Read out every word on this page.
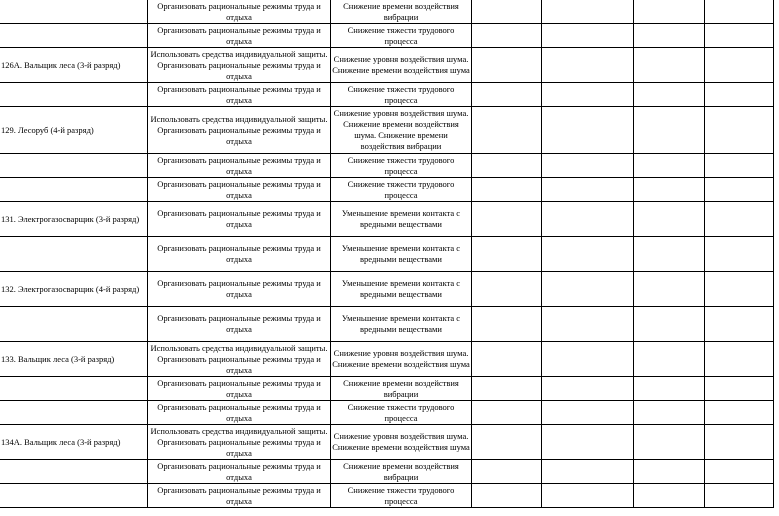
	Организовать рациональные режимы труда и отдыха	Снижение времени воздействия вибрации				
	Организовать рациональные режимы труда и отдыха	Снижение тяжести трудового процесса				
126А. Вальщик леса (3-й разряд)	Использовать средства индивидуальной защиты. Организовать рациональные режимы труда и отдыха	Снижение уровня воздействия шума. Снижение времени воздействия шума				
	Организовать рациональные режимы труда и отдыха	Снижение тяжести трудового процесса				
129. Лесоруб (4-й разряд)	Использовать средства индивидуальной защиты. Организовать рациональные режимы труда и отдыха	Снижение уровня воздействия шума. Снижение времени воздействия шума. Снижение времени воздействия вибрации				
	Организовать рациональные режимы труда и отдыха	Снижение тяжести трудового процесса				
	Организовать рациональные режимы труда и отдыха	Снижение тяжести трудового процесса				
131. Электрогазосварщик (3-й разряд)	Организовать рациональные режимы труда и отдыха	Уменьшение времени контакта с вредными веществами				
	Организовать рациональные режимы труда и отдыха	Уменьшение времени контакта с вредными веществами				
132. Электрогазосварщик (4-й разряд)	Организовать рациональные режимы труда и отдыха	Уменьшение времени контакта с вредными веществами				
	Организовать рациональные режимы труда и отдыха	Уменьшение времени контакта с вредными веществами				
133. Вальщик леса (3-й разряд)	Использовать средства индивидуальной защиты. Организовать рациональные режимы труда и отдыха	Снижение уровня воздействия шума. Снижение времени воздействия шума				
	Организовать рациональные режимы труда и отдыха	Снижение времени воздействия вибрации				
	Организовать рациональные режимы труда и отдыха	Снижение тяжести трудового процесса				
134А. Вальщик леса (3-й разряд)	Использовать средства индивидуальной защиты. Организовать рациональные режимы труда и отдыха	Снижение уровня воздействия шума. Снижение времени воздействия шума				
	Организовать рациональные режимы труда и отдыха	Снижение времени воздействия вибрации				
	Организовать рациональные режимы труда и отдыха	Снижение тяжести трудового процесса				
